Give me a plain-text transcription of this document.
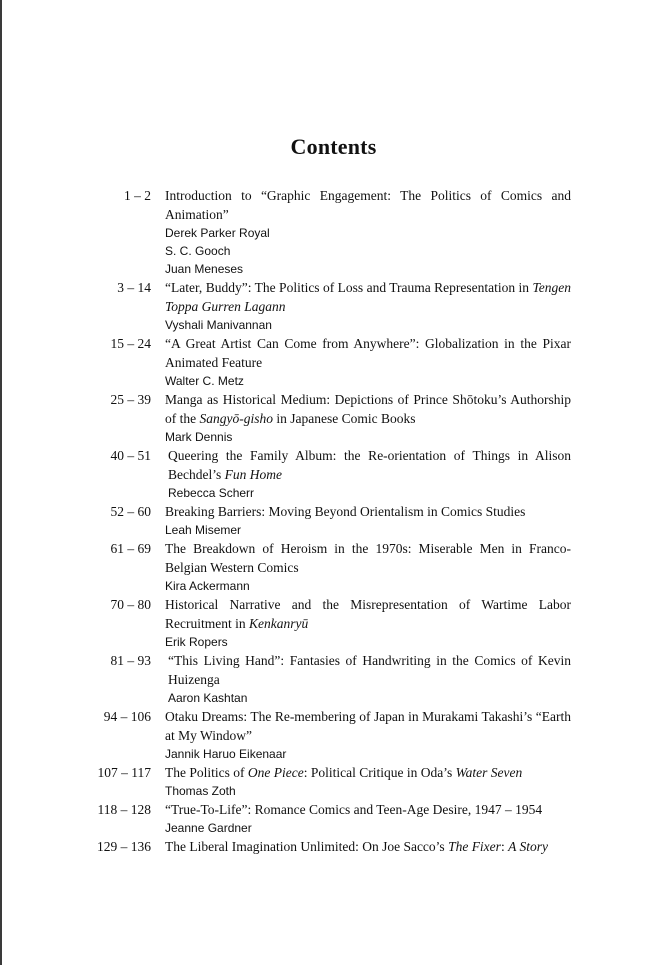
Contents
1 – 2 Introduction to “Graphic Engagement: The Politics of Comics and Animation”
Derek Parker Royal
S. C. Gooch
Juan Meneses
3 – 14 “Later, Buddy”: The Politics of Loss and Trauma Representation in Tengen Toppa Gurren Lagann
Vyshali Manivannan
15 – 24 “A Great Artist Can Come from Anywhere”: Globalization in the Pixar Animated Feature
Walter C. Metz
25 – 39 Manga as Historical Medium: Depictions of Prince Shōtoku’s Authorship of the Sangyō-gisho in Japanese Comic Books
Mark Dennis
40 – 51 Queering the Family Album: the Re-orientation of Things in Alison Bechdel’s Fun Home
Rebecca Scherr
52 – 60 Breaking Barriers: Moving Beyond Orientalism in Comics Studies
Leah Misemer
61 – 69 The Breakdown of Heroism in the 1970s: Miserable Men in Franco-Belgian Western Comics
Kira Ackermann
70 – 80 Historical Narrative and the Misrepresentation of Wartime Labor Recruitment in Kenkanryū
Erik Ropers
81 – 93 “This Living Hand”: Fantasies of Handwriting in the Comics of Kevin Huizenga
Aaron Kashtan
94 – 106 Otaku Dreams: The Re-membering of Japan in Murakami Takashi’s “Earth at My Window”
Jannik Haruo Eikenaar
107 – 117 The Politics of One Piece: Political Critique in Oda’s Water Seven
Thomas Zoth
118 – 128 “True-To-Life”: Romance Comics and Teen-Age Desire, 1947 – 1954
Jeanne Gardner
129 – 136 The Liberal Imagination Unlimited: On Joe Sacco’s The Fixer: A Story
